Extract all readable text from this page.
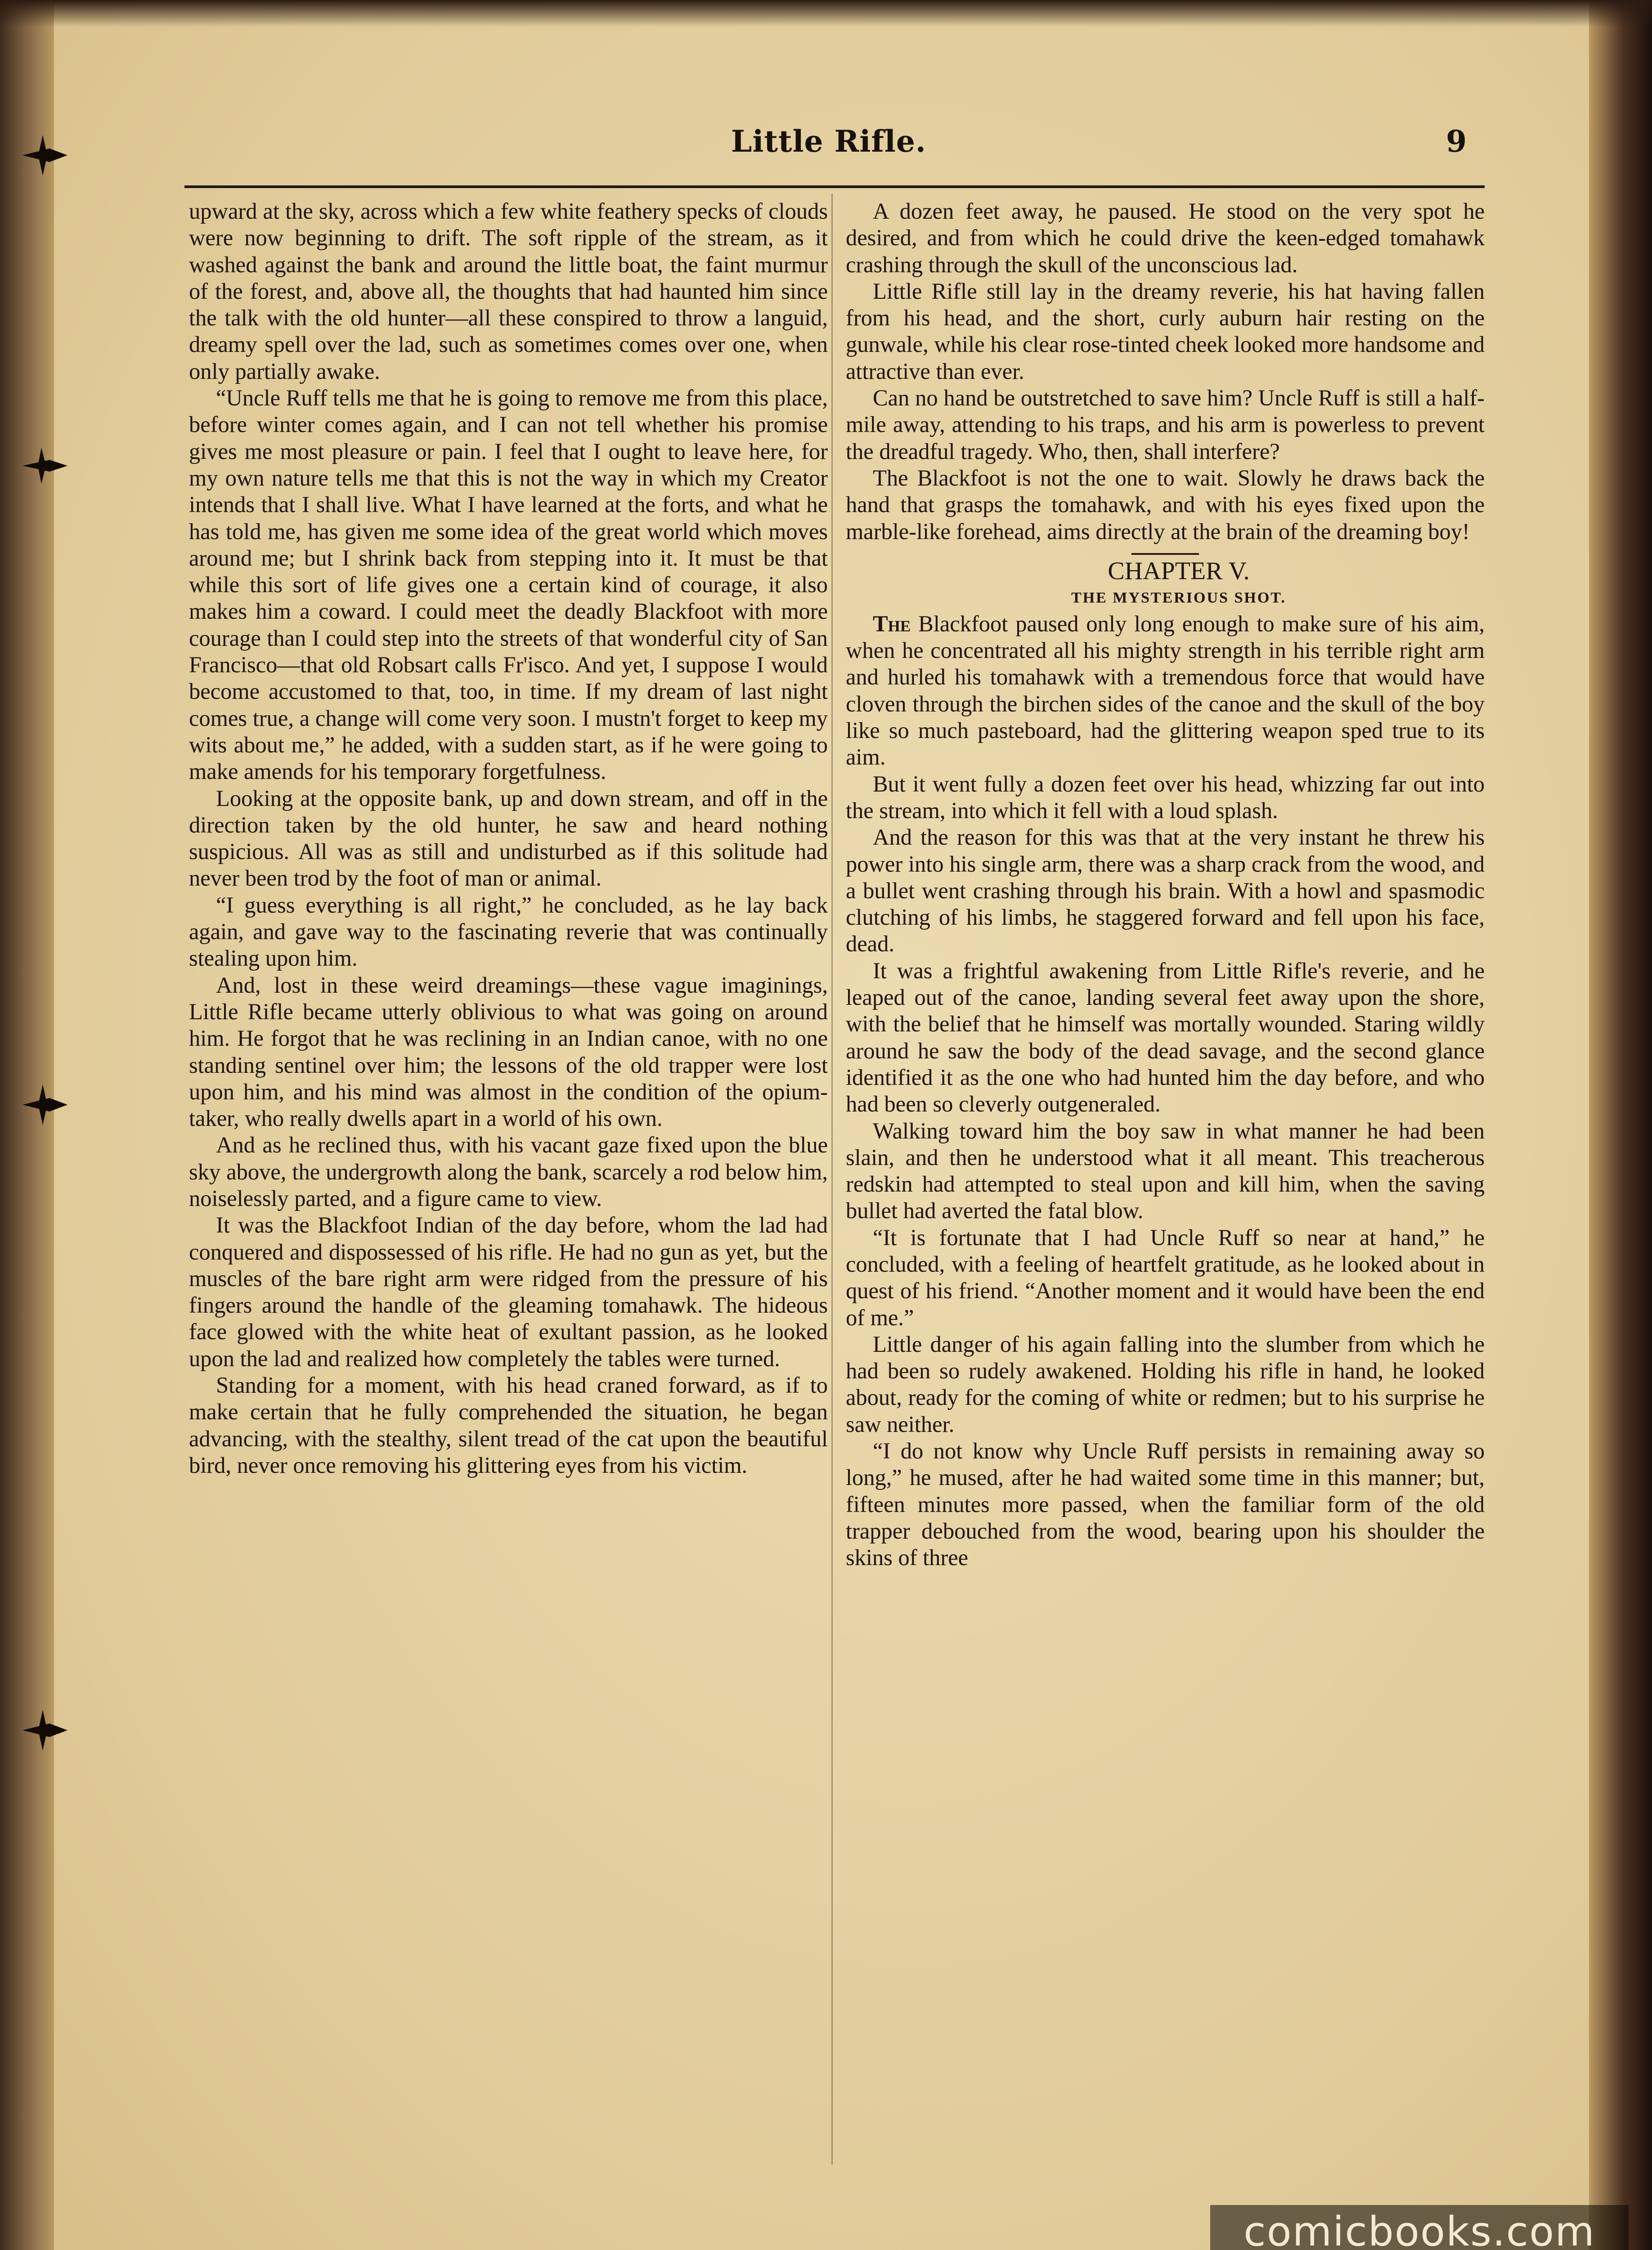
Little Rifle.	9

upward at the sky, across which a few white feathery specks of clouds were now beginning to drift. The soft ripple of the stream, as it washed against the bank and around the little boat, the faint murmur of the forest, and, above all, the thoughts that had haunted him since the talk with the old hunter—all these conspired to throw a languid, dreamy spell over the lad, such as sometimes comes over one, when only partially awake.

“Uncle Ruff tells me that he is going to remove me from this place, before winter comes again, and I can not tell whether his promise gives me most pleasure or pain. I feel that I ought to leave here, for my own nature tells me that this is not the way in which my Creator intends that I shall live. What I have learned at the forts, and what he has told me, has given me some idea of the great world which moves around me; but I shrink back from stepping into it. It must be that while this sort of life gives one a certain kind of courage, it also makes him a coward. I could meet the deadly Blackfoot with more courage than I could step into the streets of that wonderful city of San Francisco—that old Robsart calls Fr'isco. And yet, I suppose I would become accustomed to that, too, in time. If my dream of last night comes true, a change will come very soon. I mustn't forget to keep my wits about me,” he added, with a sudden start, as if he were going to make amends for his temporary forgetfulness.

Looking at the opposite bank, up and down stream, and off in the direction taken by the old hunter, he saw and heard nothing suspicious. All was as still and undisturbed as if this solitude had never been trod by the foot of man or animal.

“I guess everything is all right,” he concluded, as he lay back again, and gave way to the fascinating reverie that was continually stealing upon him.

And, lost in these weird dreamings—these vague imaginings, Little Rifle became utterly oblivious to what was going on around him. He forgot that he was reclining in an Indian canoe, with no one standing sentinel over him; the lessons of the old trapper were lost upon him, and his mind was almost in the condition of the opium-taker, who really dwells apart in a world of his own.

And as he reclined thus, with his vacant gaze fixed upon the blue sky above, the undergrowth along the bank, scarcely a rod below him, noiselessly parted, and a figure came to view.

It was the Blackfoot Indian of the day before, whom the lad had conquered and dispossessed of his rifle. He had no gun as yet, but the muscles of the bare right arm were ridged from the pressure of his fingers around the handle of the gleaming tomahawk. The hideous face glowed with the white heat of exultant passion, as he looked upon the lad and realized how completely the tables were turned.

Standing for a moment, with his head craned forward, as if to make certain that he fully comprehended the situation, he began advancing, with the stealthy, silent tread of the cat upon the beautiful bird, never once removing his glittering eyes from his victim.

A dozen feet away, he paused. He stood on the very spot he desired, and from which he could drive the keen-edged tomahawk crashing through the skull of the unconscious lad.

Little Rifle still lay in the dreamy reverie, his hat having fallen from his head, and the short, curly auburn hair resting on the gunwale, while his clear rose-tinted cheek looked more handsome and attractive than ever.

Can no hand be outstretched to save him? Uncle Ruff is still a half-mile away, attending to his traps, and his arm is powerless to prevent the dreadful tragedy. Who, then, shall interfere?

The Blackfoot is not the one to wait. Slowly he draws back the hand that grasps the tomahawk, and with his eyes fixed upon the marble-like forehead, aims directly at the brain of the dreaming boy!

CHAPTER V.

THE MYSTERIOUS SHOT.

The Blackfoot paused only long enough to make sure of his aim, when he concentrated all his mighty strength in his terrible right arm and hurled his tomahawk with a tremendous force that would have cloven through the birchen sides of the canoe and the skull of the boy like so much pasteboard, had the glittering weapon sped true to its aim.

But it went fully a dozen feet over his head, whizzing far out into the stream, into which it fell with a loud splash.

And the reason for this was that at the very instant he threw his power into his single arm, there was a sharp crack from the wood, and a bullet went crashing through his brain. With a howl and spasmodic clutching of his limbs, he staggered forward and fell upon his face, dead.

It was a frightful awakening from Little Rifle's reverie, and he leaped out of the canoe, landing several feet away upon the shore, with the belief that he himself was mortally wounded. Staring wildly around he saw the body of the dead savage, and the second glance identified it as the one who had hunted him the day before, and who had been so cleverly outgeneraled.

Walking toward him the boy saw in what manner he had been slain, and then he understood what it all meant. This treacherous redskin had attempted to steal upon and kill him, when the saving bullet had averted the fatal blow.

“It is fortunate that I had Uncle Ruff so near at hand,” he concluded, with a feeling of heartfelt gratitude, as he looked about in quest of his friend. “Another moment and it would have been the end of me.”

Little danger of his again falling into the slumber from which he had been so rudely awakened. Holding his rifle in hand, he looked about, ready for the coming of white or redmen; but to his surprise he saw neither.

“I do not know why Uncle Ruff persists in remaining away so long,” he mused, after he had waited some time in this manner; but, fifteen minutes more passed, when the familiar form of the old trapper debouched from the wood, bearing upon his shoulder the skins of three

comicbooks.com
